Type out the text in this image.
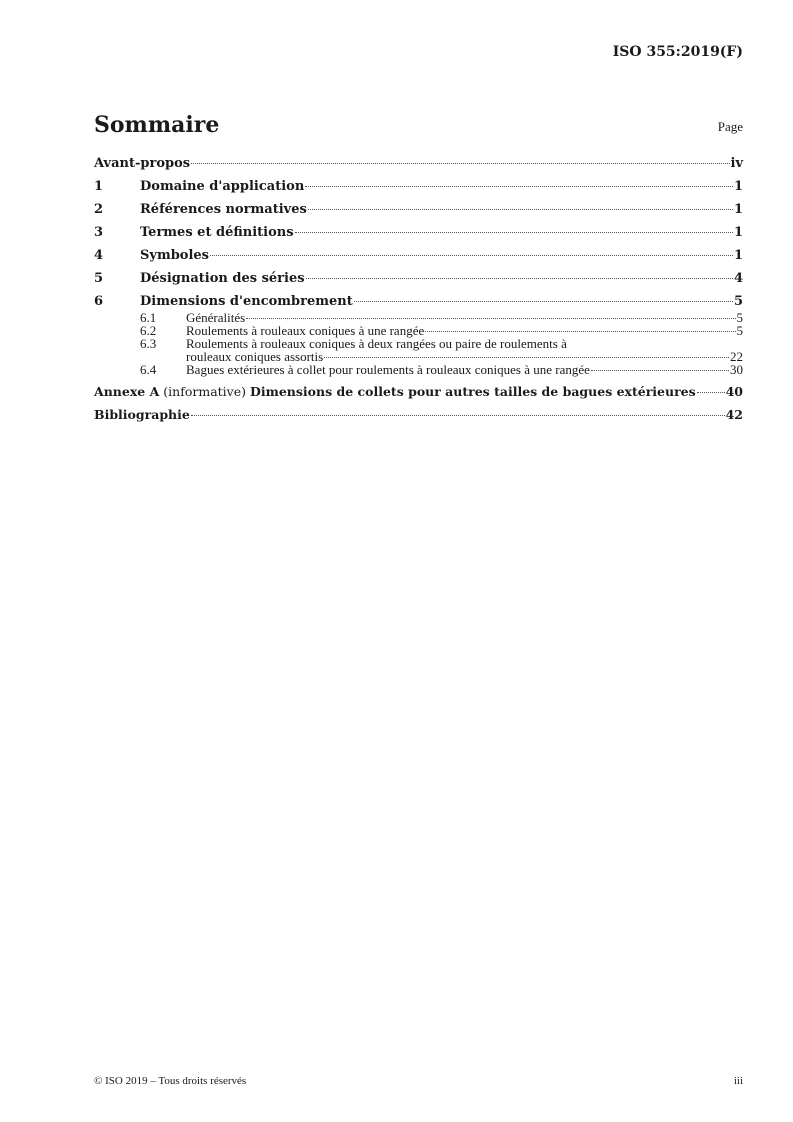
ISO 355:2019(F)
Sommaire	Page
Avant-propos	iv
1	Domaine d'application	1
2	Références normatives	1
3	Termes et définitions	1
4	Symboles	1
5	Désignation des séries	4
6	Dimensions d'encombrement	5
6.1	Généralités	5
6.2	Roulements à rouleaux coniques à une rangée	5
6.3	Roulements à rouleaux coniques à deux rangées ou paire de roulements à
rouleaux coniques assortis	22
6.4	Bagues extérieures à collet pour roulements à rouleaux coniques à une rangée	30
Annexe A (informative) Dimensions de collets pour autres tailles de bagues extérieures 40
Bibliographie	42
© ISO 2019 – Tous droits réservés	iii
